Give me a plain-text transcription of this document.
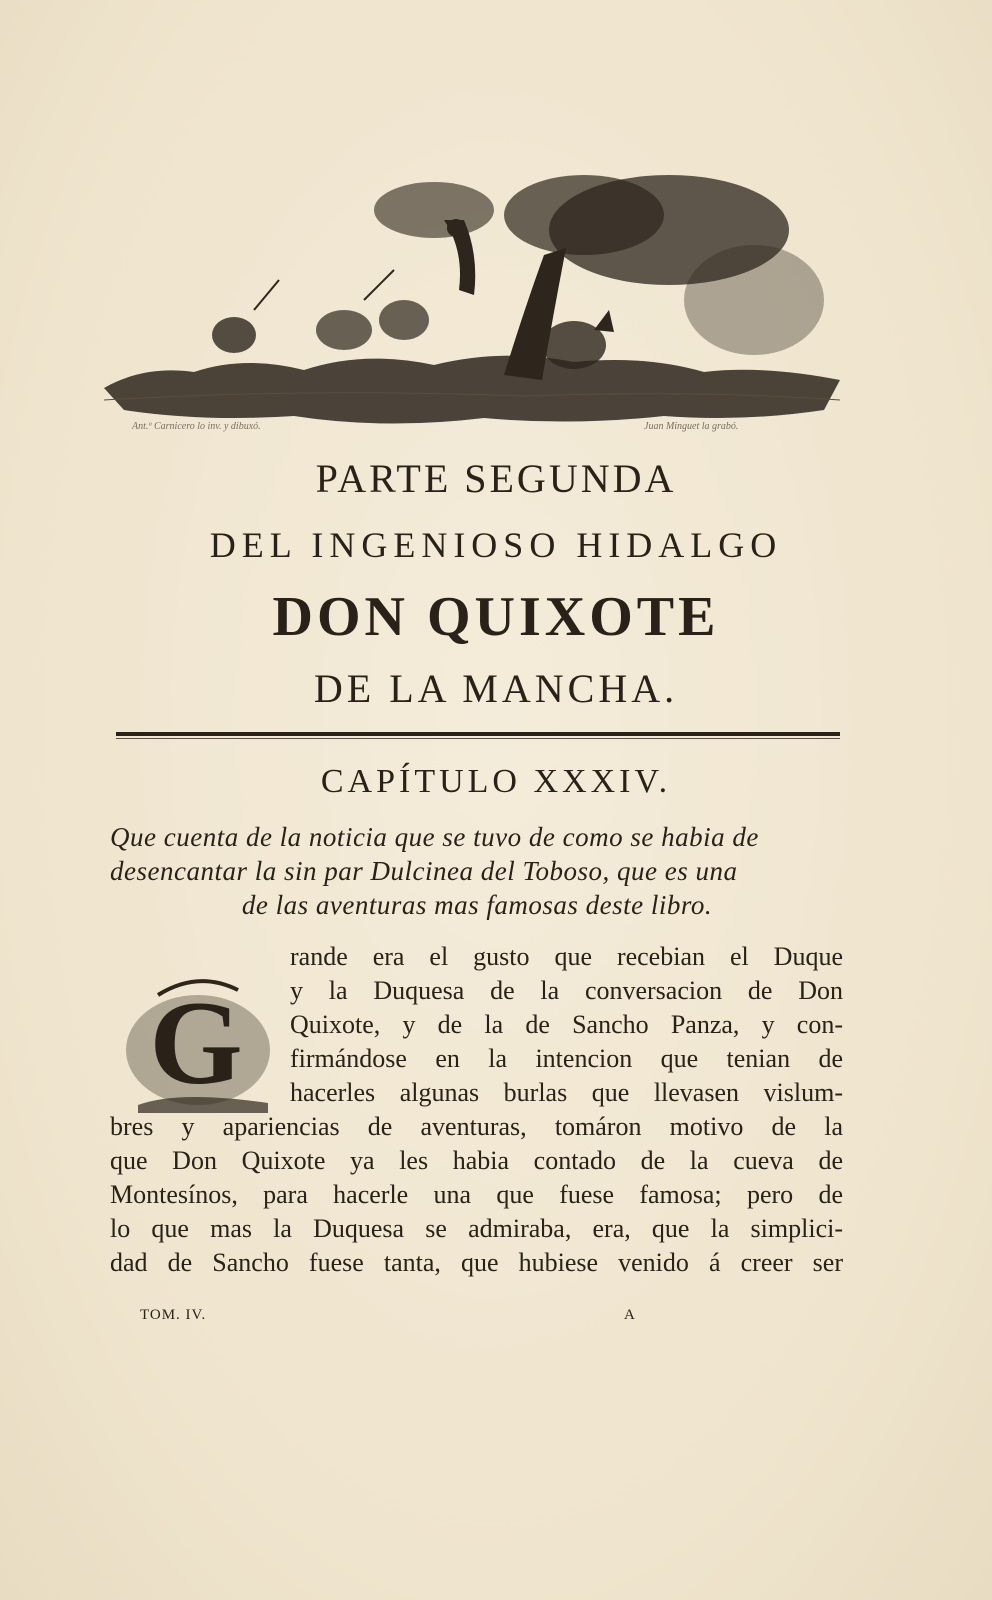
Ant.º Carnicero lo inv. y dibuxó.	Juan Minguet la grabó.
PARTE SEGUNDA
DEL INGENIOSO HIDALGO
DON QUIXOTE
DE LA MANCHA.
CAPÍTULO XXXIV.
Que cuenta de la noticia que se tuvo de como se habia de
desencantar la sin par Dulcinea del Toboso, que es una
de las aventuras mas famosas deste libro.
G
rande era el gusto que recebian el Duque
y la Duquesa de la conversacion de Don
Quixote, y de la de Sancho Panza, y con-
firmándose en la intencion que tenian de
hacerles algunas burlas que llevasen vislum-
bres y apariencias de aventuras, tomáron motivo de la
que Don Quixote ya les habia contado de la cueva de
Montesínos, para hacerle una que fuese famosa; pero de
lo que mas la Duquesa se admiraba, era, que la simplici-
dad de Sancho fuese tanta, que hubiese venido á creer ser
TOM. IV.	A
